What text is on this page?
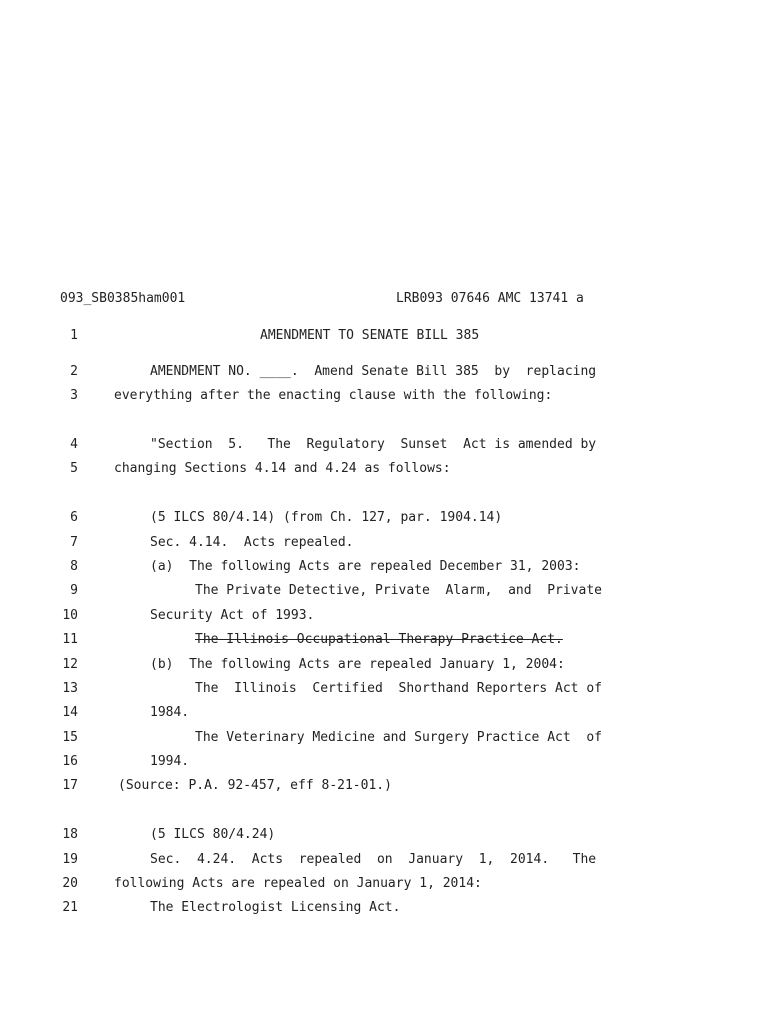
093_SB0385ham001	LRB093 07646 AMC 13741 a
1	AMENDMENT TO SENATE BILL 385
2	AMENDMENT NO. ____.  Amend Senate Bill 385  by  replacing
3	everything after the enacting clause with the following:
4	"Section  5.   The  Regulatory  Sunset  Act is amended by
5	changing Sections 4.14 and 4.24 as follows:
6	(5 ILCS 80/4.14) (from Ch. 127, par. 1904.14)
7	Sec. 4.14.  Acts repealed.
8	(a)  The following Acts are repealed December 31, 2003:
9	The Private Detective, Private  Alarm,  and  Private
10	Security Act of 1993.
11	The Illinois Occupational Therapy Practice Act.
12	(b)  The following Acts are repealed January 1, 2004:
13	The  Illinois  Certified  Shorthand Reporters Act of
14	1984.
15	The Veterinary Medicine and Surgery Practice Act  of
16	1994.
17	(Source: P.A. 92-457, eff 8-21-01.)
18	(5 ILCS 80/4.24)
19	Sec.  4.24.  Acts  repealed  on  January  1,  2014.   The
20	following Acts are repealed on January 1, 2014:
21	The Electrologist Licensing Act.
